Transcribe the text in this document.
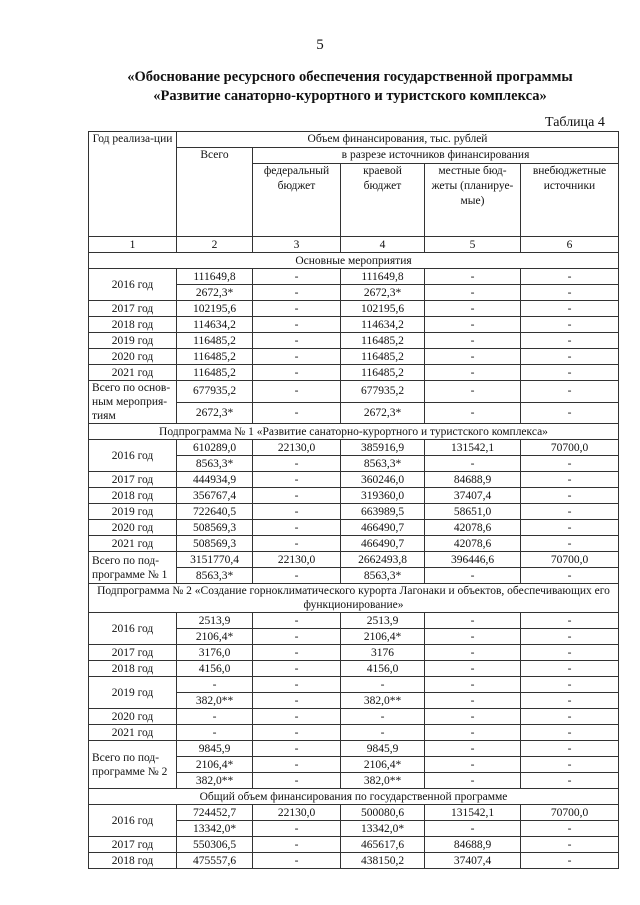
5
«Обоснование ресурсного обеспечения государственной программы
«Развитие санаторно-курортного и туристского комплекса»
Таблица 4
Год реализа-ции	Объем финансирования, тыс. рублей				
	Всего	в разрезе источников финансирования			
		федеральный бюджет	краевой бюджет	местные бюд-жеты (планируе-мые)	внебюджетные источники
1	2	3	4	5	6
Основные мероприятия					
2016 год	111649,8	-	111649,8	-	-
	2672,3*	-	2672,3*	-	-
2017 год	102195,6	-	102195,6	-	-
2018 год	114634,2	-	114634,2	-	-
2019 год	116485,2	-	116485,2	-	-
2020 год	116485,2	-	116485,2	-	-
2021 год	116485,2	-	116485,2	-	-
Всего по основ-ным мероприя-тиям	677935,2	-	677935,2	-	-
	2672,3*	-	2672,3*	-	-
Подпрограмма № 1 «Развитие санаторно-курортного и туристского комплекса»					
2016 год	610289,0	22130,0	385916,9	131542,1	70700,0
	8563,3*	-	8563,3*	-	-
2017 год	444934,9	-	360246,0	84688,9	-
2018 год	356767,4	-	319360,0	37407,4	-
2019 год	722640,5	-	663989,5	58651,0	-
2020 год	508569,3	-	466490,7	42078,6	-
2021 год	508569,3	-	466490,7	42078,6	-
Всего по под-программе № 1	3151770,4	22130,0	2662493,8	396446,6	70700,0
	8563,3*	-	8563,3*	-	-
Подпрограмма № 2 «Создание горноклиматического курорта Лагонаки и объектов, обеспечивающих его функционирование»					
2016 год	2513,9	-	2513,9	-	-
	2106,4*	-	2106,4*	-	-
2017 год	3176,0	-	3176	-	-
2018 год	4156,0	-	4156,0	-	-
2019 год	-	-	-	-	-
	382,0**	-	382,0**	-	-
2020 год	-	-	-	-	-
2021 год	-	-	-	-	-
Всего по под-программе № 2	9845,9	-	9845,9	-	-
	2106,4*	-	2106,4*	-	-
	382,0**	-	382,0**	-	-
Общий объем финансирования по государственной программе					
2016 год	724452,7	22130,0	500080,6	131542,1	70700,0
	13342,0*	-	13342,0*	-	-
2017 год	550306,5	-	465617,6	84688,9	-
2018 год	475557,6	-	438150,2	37407,4	-
